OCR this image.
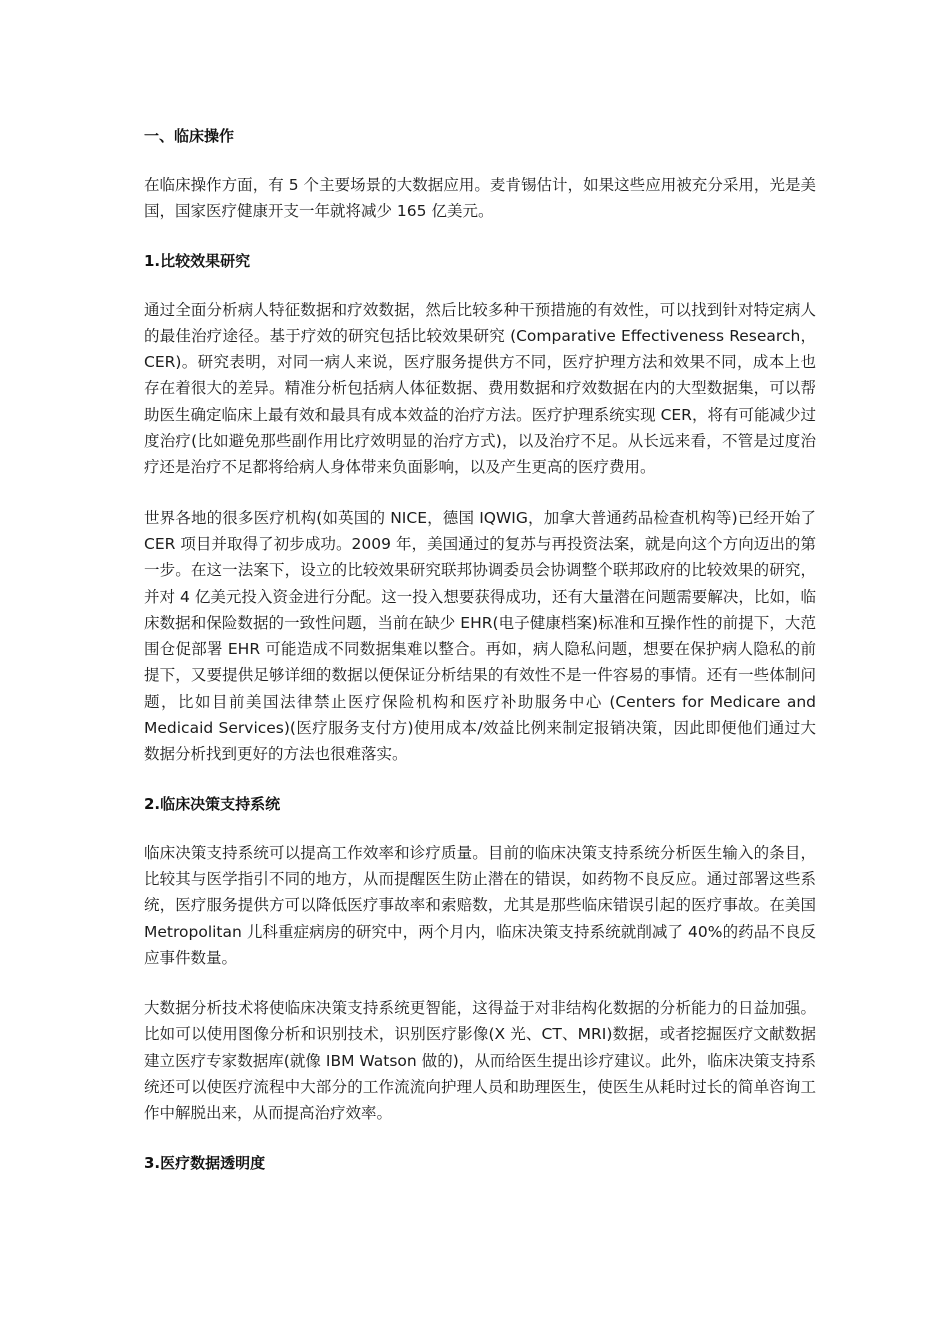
一、临床操作

在临床操作方面，有 5 个主要场景的大数据应用。麦肯锡估计，如果这些应用被充分采用，光是美国，国家医疗健康开支一年就将减少 165 亿美元。

1.比较效果研究

通过全面分析病人特征数据和疗效数据，然后比较多种干预措施的有效性，可以找到针对特定病人的最佳治疗途径。基于疗效的研究包括比较效果研究 (Comparative Effectiveness Research，CER)。研究表明，对同一病人来说，医疗服务提供方不同，医疗护理方法和效果不同，成本上也存在着很大的差异。精准分析包括病人体征数据、费用数据和疗效数据在内的大型数据集，可以帮助医生确定临床上最有效和最具有成本效益的治疗方法。医疗护理系统实现 CER，将有可能减少过度治疗(比如避免那些副作用比疗效明显的治疗方式)，以及治疗不足。从长远来看，不管是过度治疗还是治疗不足都将给病人身体带来负面影响，以及产生更高的医疗费用。

世界各地的很多医疗机构(如英国的 NICE，德国 IQWIG，加拿大普通药品检查机构等)已经开始了 CER 项目并取得了初步成功。2009 年，美国通过的复苏与再投资法案，就是向这个方向迈出的第一步。在这一法案下，设立的比较效果研究联邦协调委员会协调整个联邦政府的比较效果的研究，并对 4 亿美元投入资金进行分配。这一投入想要获得成功，还有大量潜在问题需要解决，比如，临床数据和保险数据的一致性问题，当前在缺少 EHR(电子健康档案)标准和互操作性的前提下，大范围仓促部署 EHR 可能造成不同数据集难以整合。再如，病人隐私问题，想要在保护病人隐私的前提下，又要提供足够详细的数据以便保证分析结果的有效性不是一件容易的事情。还有一些体制问题，比如目前美国法律禁止医疗保险机构和医疗补助服务中心 (Centers for Medicare and Medicaid Services)(医疗服务支付方)使用成本/效益比例来制定报销决策，因此即便他们通过大数据分析找到更好的方法也很难落实。

2.临床决策支持系统

临床决策支持系统可以提高工作效率和诊疗质量。目前的临床决策支持系统分析医生输入的条目，比较其与医学指引不同的地方，从而提醒医生防止潜在的错误，如药物不良反应。通过部署这些系统，医疗服务提供方可以降低医疗事故率和索赔数，尤其是那些临床错误引起的医疗事故。在美国 Metropolitan 儿科重症病房的研究中，两个月内，临床决策支持系统就削减了 40%的药品不良反应事件数量。

大数据分析技术将使临床决策支持系统更智能，这得益于对非结构化数据的分析能力的日益加强。比如可以使用图像分析和识别技术，识别医疗影像(X 光、CT、MRI)数据，或者挖掘医疗文献数据建立医疗专家数据库(就像 IBM Watson 做的)，从而给医生提出诊疗建议。此外，临床决策支持系统还可以使医疗流程中大部分的工作流流向护理人员和助理医生，使医生从耗时过长的简单咨询工作中解脱出来，从而提高治疗效率。

3.医疗数据透明度
